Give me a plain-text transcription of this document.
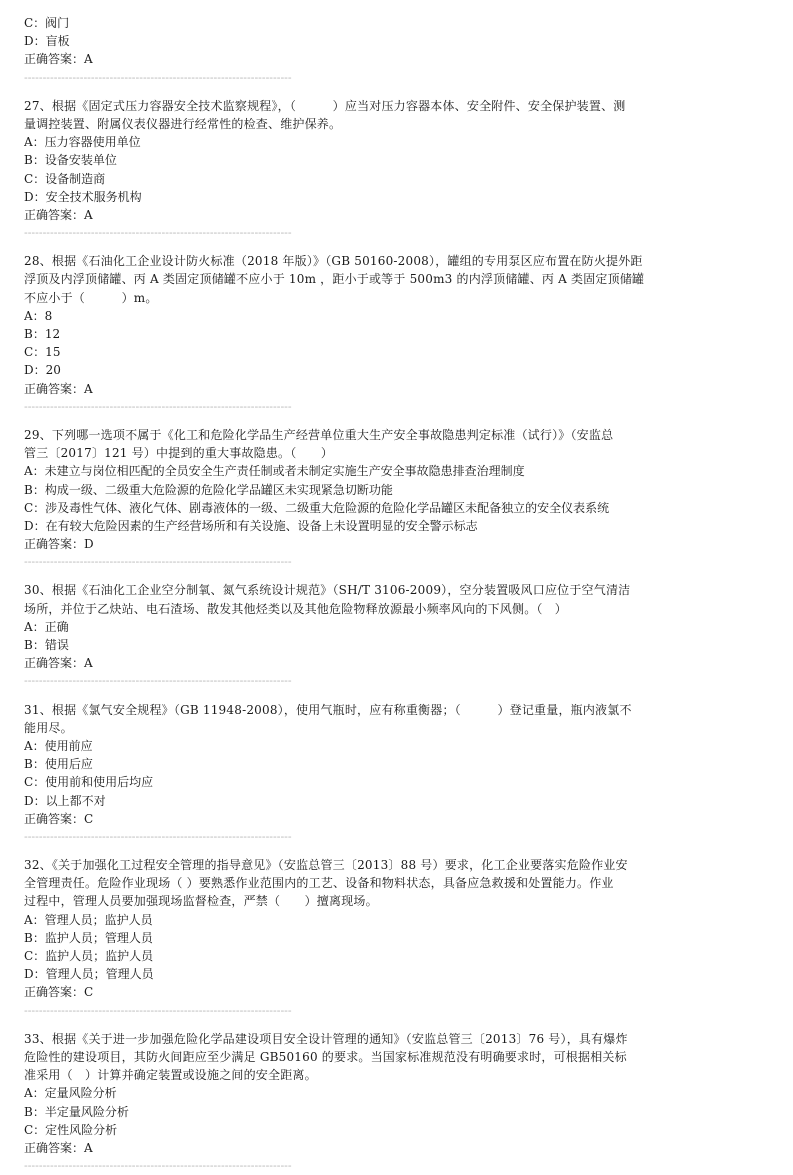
C：阀门
D：盲板
正确答案：A
------------------------------------------------------------------------
27、根据《固定式压力容器安全技术监察规程》，（　　　）应当对压力容器本体、安全附件、安全保护装置、测
量调控装置、附属仪表仪器进行经常性的检查、维护保养。
A：压力容器使用单位
B：设备安装单位
C：设备制造商
D：安全技术服务机构
正确答案：A
------------------------------------------------------------------------
28、根据《石油化工企业设计防火标准（2018 年版）》（GB 50160-2008），罐组的专用泵区应布置在防火提外距
浮顶及内浮顶储罐、丙 A 类固定顶储罐不应小于 10m ，距小于或等于 500m3 的内浮顶储罐、丙 A 类固定顶储罐
不应小于（　　　）m。
A：8
B：12
C：15
D：20
正确答案：A
------------------------------------------------------------------------
29、下列哪一选项不属于《化工和危险化学品生产经营单位重大生产安全事故隐患判定标准（试行）》（安监总
管三〔2017〕121 号）中提到的重大事故隐患。（　　）
A：未建立与岗位相匹配的全员安全生产责任制或者未制定实施生产安全事故隐患排查治理制度
B：构成一级、二级重大危险源的危险化学品罐区未实现紧急切断功能
C：涉及毒性气体、液化气体、剧毒液体的一级、二级重大危险源的危险化学品罐区未配备独立的安全仪表系统
D：在有较大危险因素的生产经营场所和有关设施、设备上未设置明显的安全警示标志
正确答案：D
------------------------------------------------------------------------
30、根据《石油化工企业空分制氧、氮气系统设计规范》（SH/T 3106-2009），空分装置吸风口应位于空气清洁
场所，并位于乙炔站、电石渣场、散发其他烃类以及其他危险物释放源最小频率风向的下风侧。（　）
A：正确
B：错误
正确答案：A
------------------------------------------------------------------------
31、根据《氯气安全规程》（GB 11948-2008），使用气瓶时，应有称重衡器；（　　　）登记重量，瓶内液氯不
能用尽。
A：使用前应
B：使用后应
C：使用前和使用后均应
D：以上都不对
正确答案：C
------------------------------------------------------------------------
32、《关于加强化工过程安全管理的指导意见》（安监总管三〔2013〕88 号）要求，化工企业要落实危险作业安
全管理责任。危险作业现场（ ）要熟悉作业范围内的工艺、设备和物料状态，具备应急救援和处置能力。作业
过程中，管理人员要加强现场监督检查，严禁（　　）擅离现场。
A：管理人员；监护人员
B：监护人员；管理人员
C：监护人员；监护人员
D：管理人员；管理人员
正确答案：C
------------------------------------------------------------------------
33、根据《关于进一步加强危险化学品建设项目安全设计管理的通知》（安监总管三〔2013〕76 号），具有爆炸
危险性的建设项目，其防火间距应至少满足 GB50160 的要求。当国家标准规范没有明确要求时，可根据相关标
准采用（　）计算并确定装置或设施之间的安全距离。
A：定量风险分析
B：半定量风险分析
C：定性风险分析
正确答案：A
------------------------------------------------------------------------
